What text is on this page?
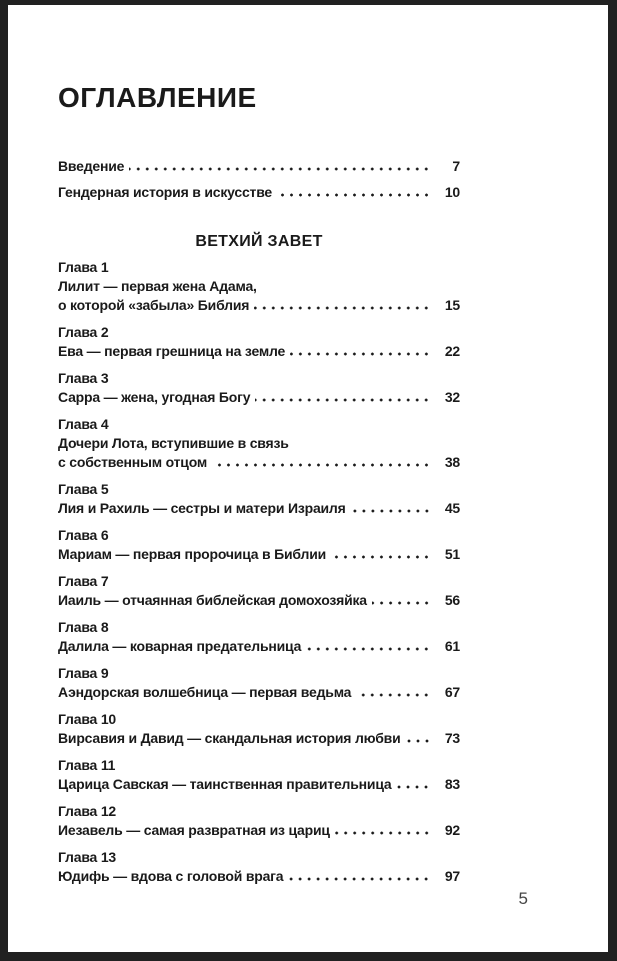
ОГЛАВЛЕНИЕ
Введение	7
Гендерная история в искусстве	10
ВЕТХИЙ ЗАВЕТ
Глава 1
Лилит — первая жена Адама,
о которой «забыла» Библия	15
Глава 2
Ева — первая грешница на земле	22
Глава 3
Сарра — жена, угодная Богу	32
Глава 4
Дочери Лота, вступившие в связь
с собственным отцом	38
Глава 5
Лия и Рахиль — сестры и матери Израиля	45
Глава 6
Мариам — первая пророчица в Библии	51
Глава 7
Иаиль — отчаянная библейская домохозяйка	56
Глава 8
Далила — коварная предательница	61
Глава 9
Аэндорская волшебница — первая ведьма	67
Глава 10
Вирсавия и Давид — скандальная история любви	73
Глава 11
Царица Савская — таинственная правительница	83
Глава 12
Иезавель — самая развратная из цариц	92
Глава 13
Юдифь — вдова с головой врага	97
5
